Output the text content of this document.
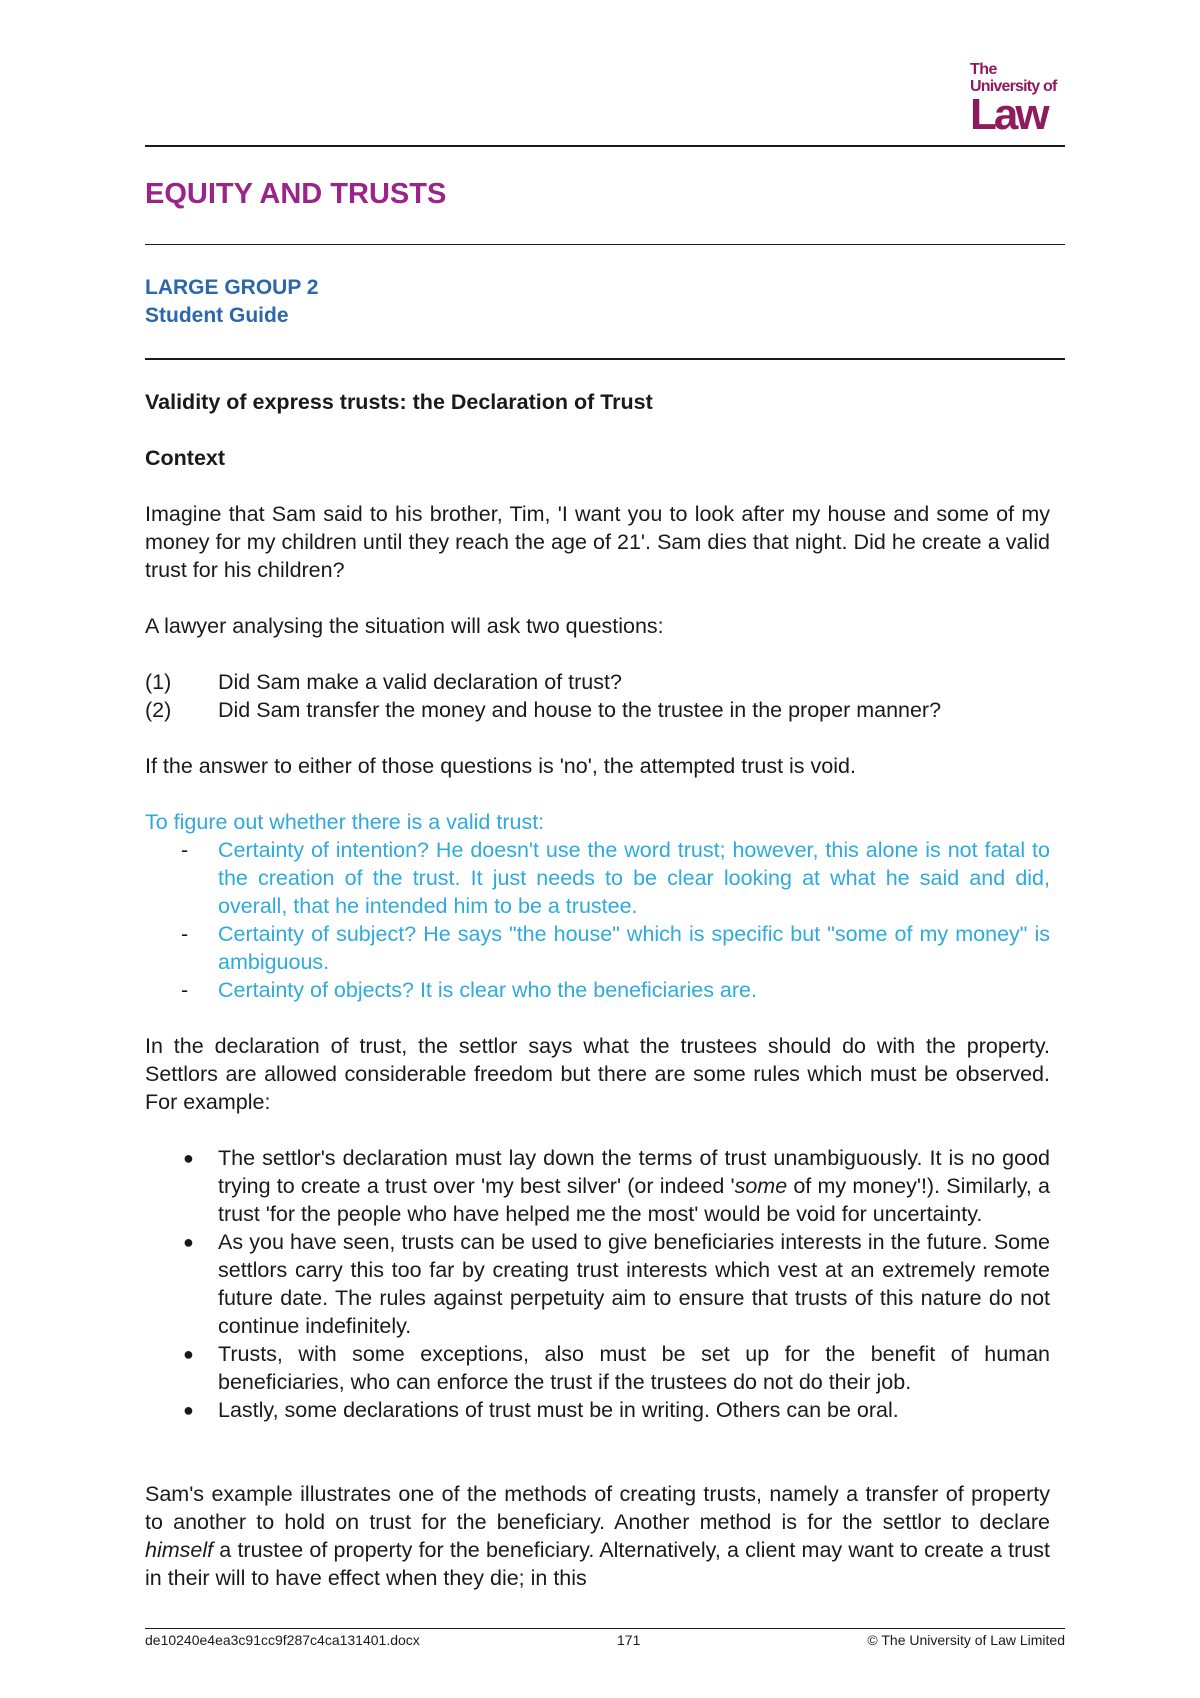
The
University of
Law
EQUITY AND TRUSTS
LARGE GROUP 2
Student Guide

Validity of express trusts: the Declaration of Trust

Context

Imagine that Sam said to his brother, Tim, 'I want you to look after my house and some of my money for my children until they reach the age of 21'. Sam dies that night. Did he create a valid trust for his children?

A lawyer analysing the situation will ask two questions:

(1)	Did Sam make a valid declaration of trust?
(2)	Did Sam transfer the money and house to the trustee in the proper manner?

If the answer to either of those questions is 'no', the attempted trust is void.

To figure out whether there is a valid trust:

-	Certainty of intention? He doesn't use the word trust; however, this alone is not fatal to the creation of the trust. It just needs to be clear looking at what he said and did, overall, that he intended him to be a trustee.
-	Certainty of subject? He says "the house" which is specific but "some of my money" is ambiguous.
-	Certainty of objects? It is clear who the beneficiaries are.

In the declaration of trust, the settlor says what the trustees should do with the property. Settlors are allowed considerable freedom but there are some rules which must be observed. For example:

●	The settlor's declaration must lay down the terms of trust unambiguously. It is no good trying to create a trust over 'my best silver' (or indeed 'some of my money'!). Similarly, a trust 'for the people who have helped me the most' would be void for uncertainty.
●	As you have seen, trusts can be used to give beneficiaries interests in the future. Some settlors carry this too far by creating trust interests which vest at an extremely remote future date. The rules against perpetuity aim to ensure that trusts of this nature do not continue indefinitely.
●	Trusts, with some exceptions, also must be set up for the benefit of human beneficiaries, who can enforce the trust if the trustees do not do their job.
●	Lastly, some declarations of trust must be in writing. Others can be oral.

Sam's example illustrates one of the methods of creating trusts, namely a transfer of property to another to hold on trust for the beneficiary. Another method is for the settlor to declare himself a trustee of property for the beneficiary. Alternatively, a client may want to create a trust in their will to have effect when they die; in this

de10240e4ea3c91cc9f287c4ca131401.docx	171	© The University of Law Limited
